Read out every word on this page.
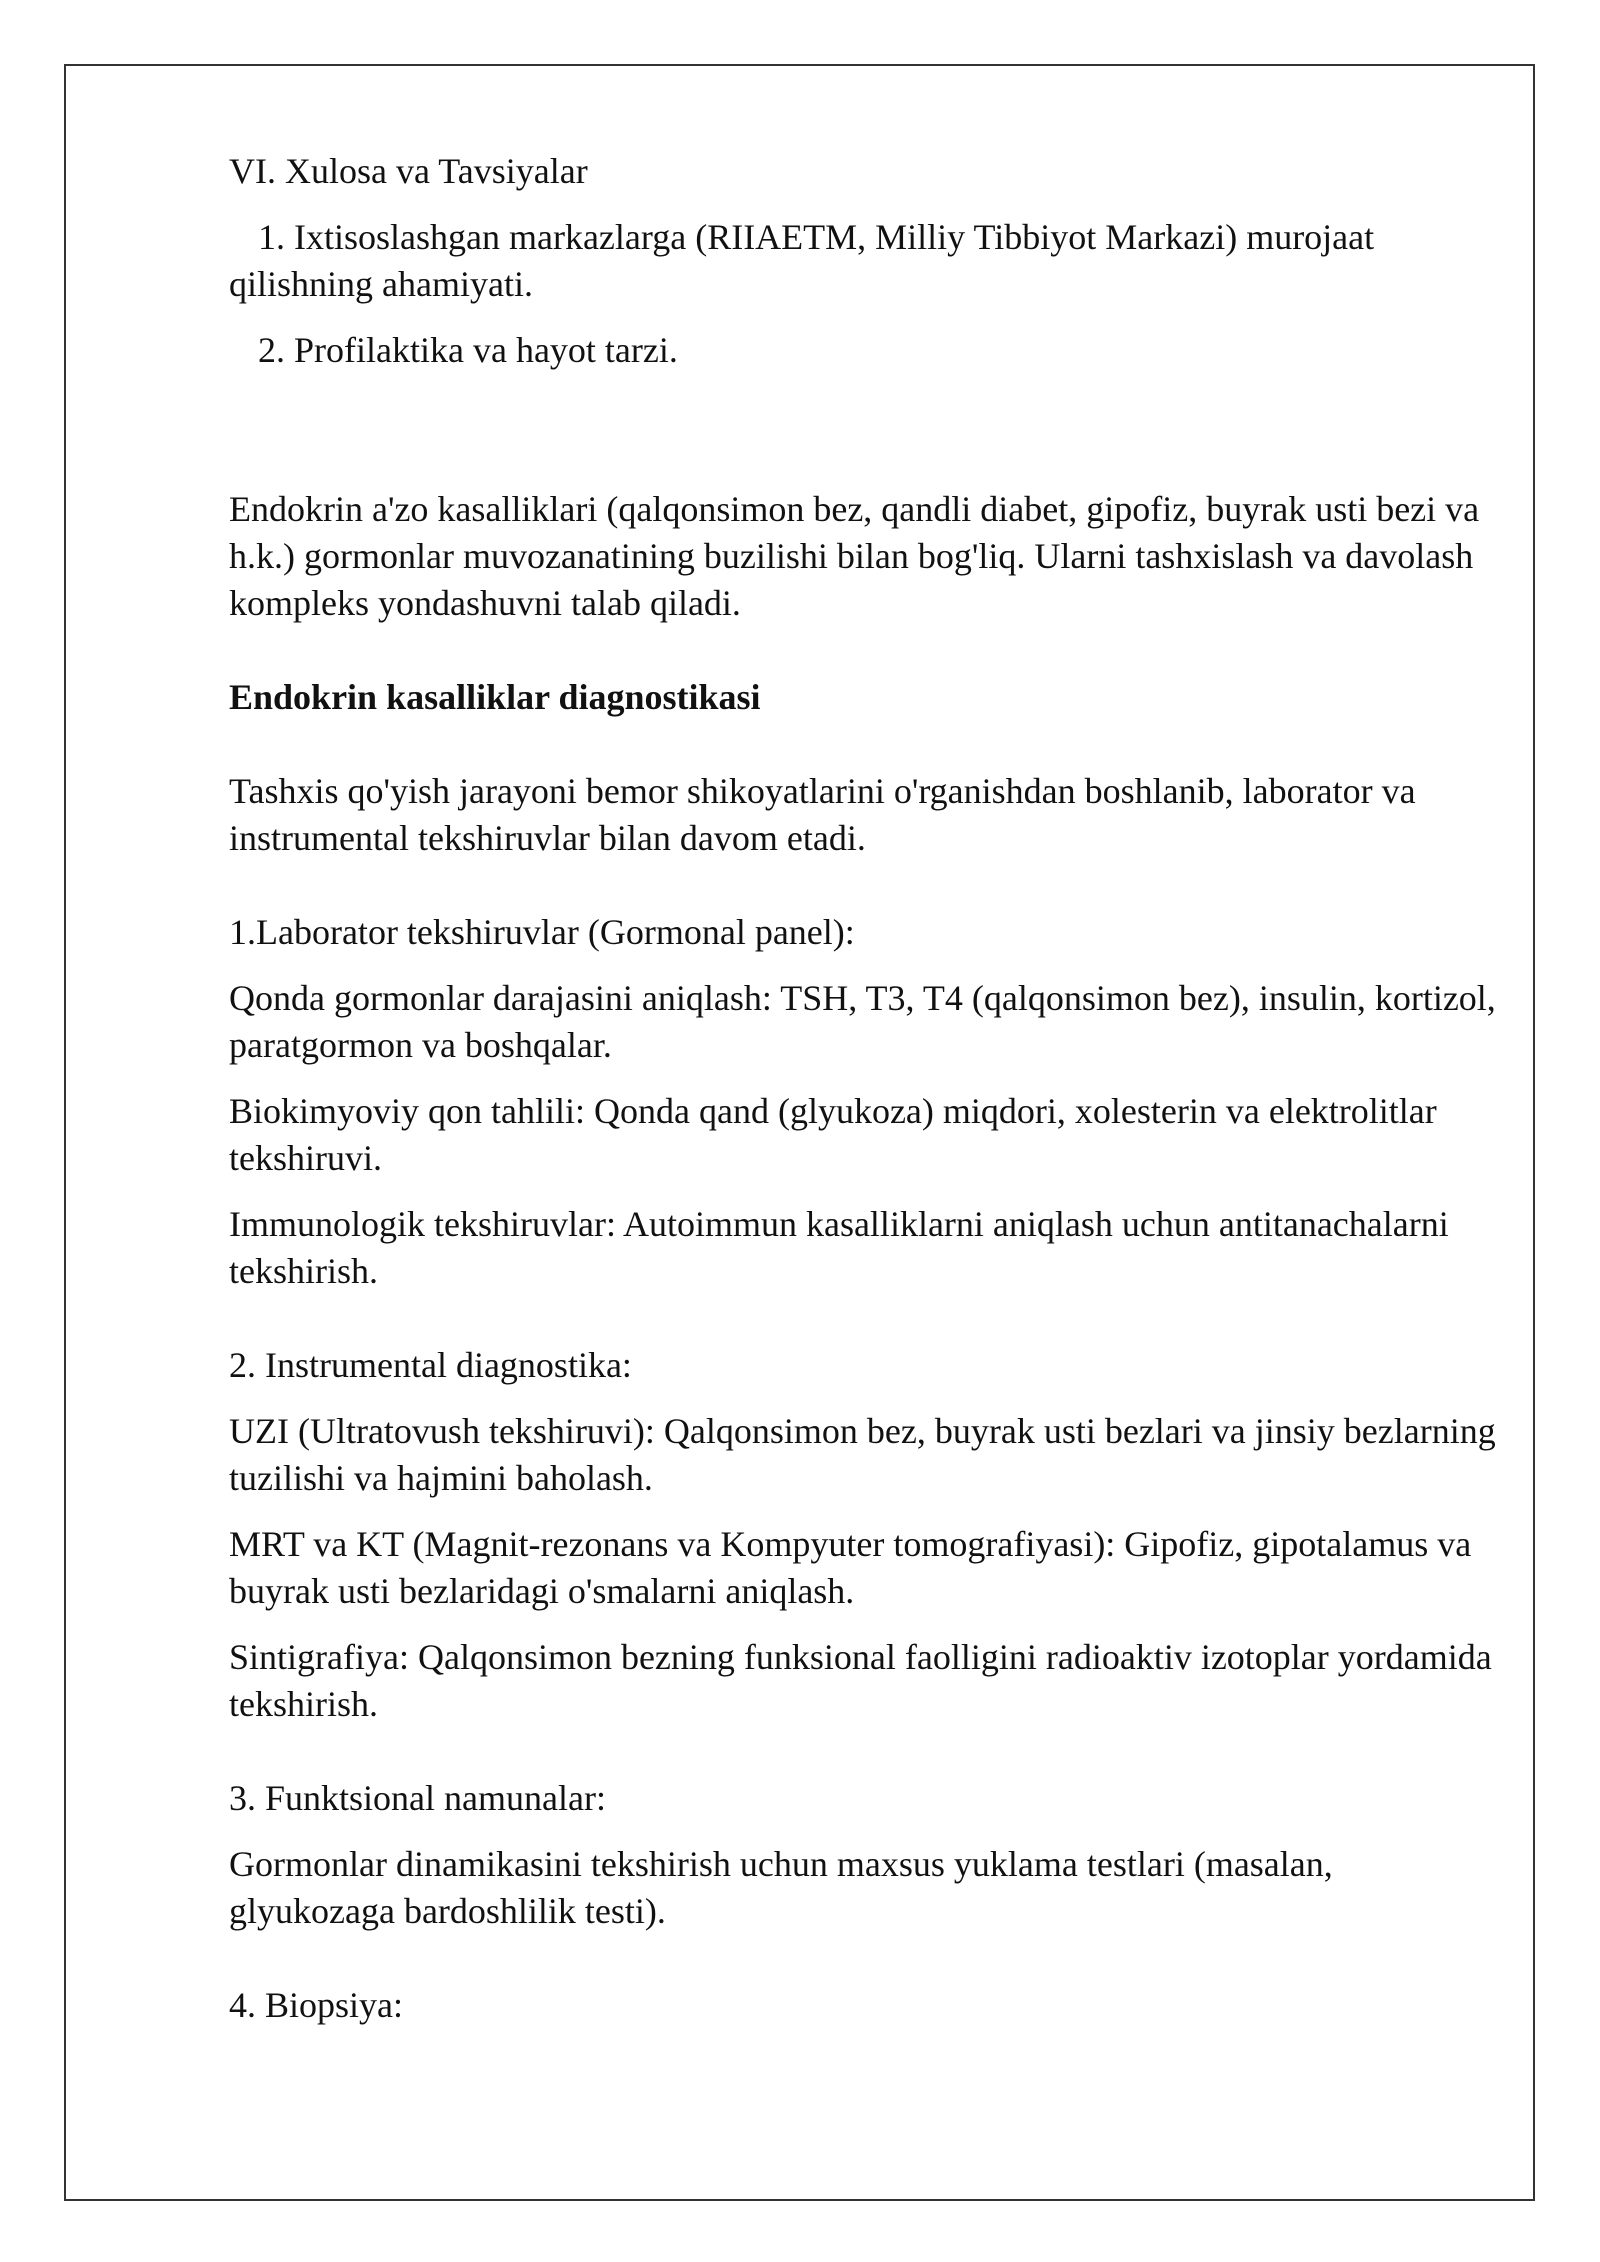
VI. Xulosa va Tavsiyalar

1. Ixtisoslashgan markazlarga (RIIAETM, Milliy Tibbiyot Markazi) murojaat qilishning ahamiyati.

2. Profilaktika va hayot tarzi.

Endokrin a'zo kasalliklari (qalqonsimon bez, qandli diabet, gipofiz, buyrak usti bezi va h.k.) gormonlar muvozanatining buzilishi bilan bog'liq. Ularni tashxislash va davolash kompleks yondashuvni talab qiladi.

Endokrin kasalliklar diagnostikasi

Tashxis qo'yish jarayoni bemor shikoyatlarini o'rganishdan boshlanib, laborator va instrumental tekshiruvlar bilan davom etadi.

1.Laborator tekshiruvlar (Gormonal panel):

Qonda gormonlar darajasini aniqlash: TSH, T3, T4 (qalqonsimon bez), insulin, kortizol, paratgormon va boshqalar.

Biokimyoviy qon tahlili: Qonda qand (glyukoza) miqdori, xolesterin va elektrolitlar tekshiruvi.

Immunologik tekshiruvlar: Autoimmun kasalliklarni aniqlash uchun antitanachalarni tekshirish.

2. Instrumental diagnostika:

UZI (Ultratovush tekshiruvi): Qalqonsimon bez, buyrak usti bezlari va jinsiy bezlarning tuzilishi va hajmini baholash.

MRT va KT (Magnit-rezonans va Kompyuter tomografiyasi): Gipofiz, gipotalamus va buyrak usti bezlaridagi o'smalarni aniqlash.

Sintigrafiya: Qalqonsimon bezning funksional faolligini radioaktiv izotoplar yordamida tekshirish.

3. Funktsional namunalar:

Gormonlar dinamikasini tekshirish uchun maxsus yuklama testlari (masalan, glyukozaga bardoshlilik testi).

4. Biopsiya:
